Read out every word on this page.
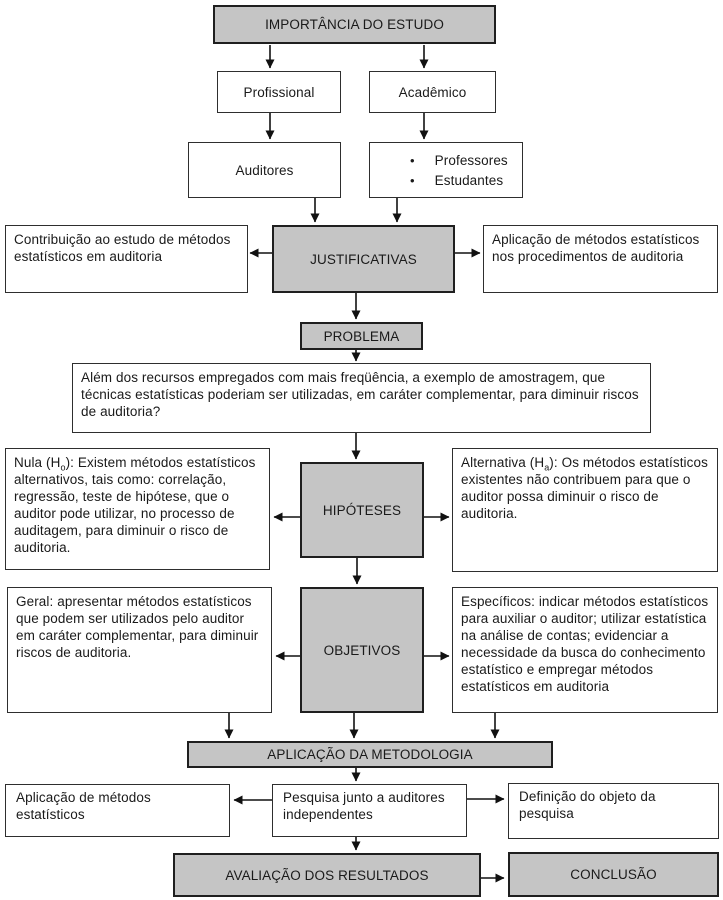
IMPORTÂNCIA DO ESTUDO
Profissional	Acadêmico
Auditores
• Professores
• Estudantes
Contribuição ao estudo de métodos estatísticos em auditoria	JUSTIFICATIVAS
Aplicação de métodos estatísticos nos procedimentos de auditoria
PROBLEMA
Além dos recursos empregados com mais freqüência, a exemplo de amostragem, que técnicas estatísticas poderiam ser utilizadas, em caráter complementar, para diminuir riscos de auditoria?
Nula $(H_o)$: Existem métodos estatísticos alternativos, tais como: correlação, regressão, teste de hipótese, que o auditor pode utilizar, no processo de auditagem, para diminuir o risco de auditoria.
HIPÓTESES
Alternativa $(H_a)$: Os métodos estatísticos existentes não contribuem para que o auditor possa diminuir o risco de auditoria.
Geral: apresentar métodos estatísticos que podem ser utilizados pelo auditor em caráter complementar, para diminuir riscos de auditoria.	OBJETIVOS
Específicos: indicar métodos estatísticos para auxiliar o auditor; utilizar estatística na análise de contas; evidenciar a necessidade da busca do conhecimento estatístico e empregar métodos estatísticos em auditoria
APLICAÇÃO DA METODOLOGIA
Aplicação de métodos estatísticos
Pesquisa junto a auditores independentes
Definição do objeto da pesquisa
AVALIAÇÃO DOS RESULTADOS	CONCLUSÃO
